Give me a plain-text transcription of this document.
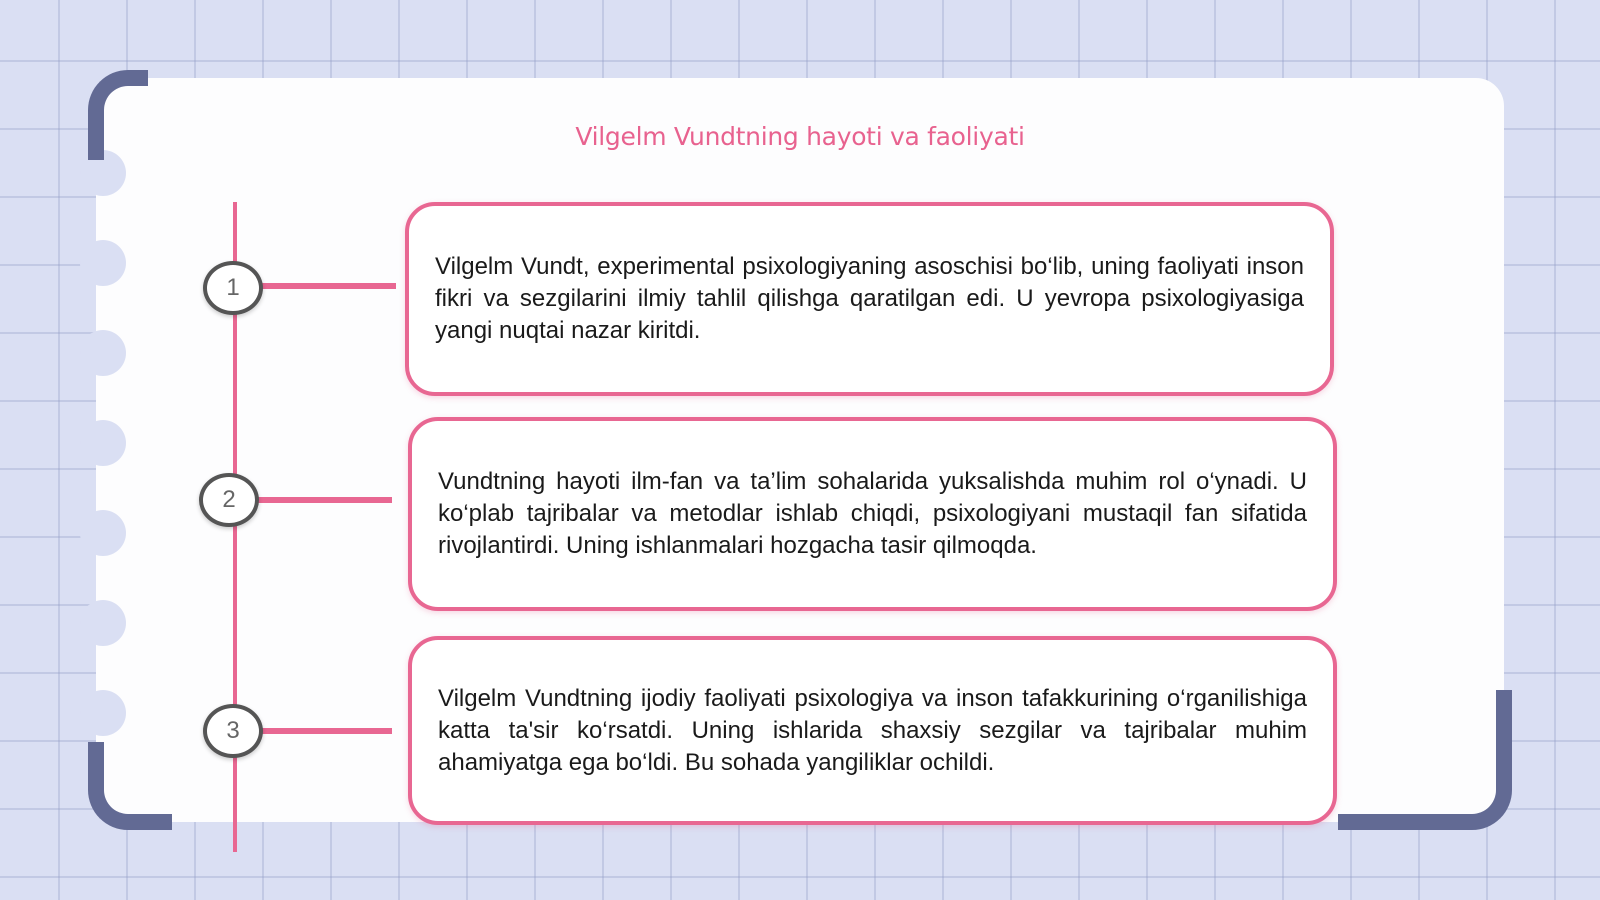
Vilgelm Vundtning hayoti va faoliyati
1

Vilgelm Vundt, experimental psixologiyaning asoschisi bo‘lib, uning faoliyati inson fikri va sezgilarini ilmiy tahlil qilishga qaratilgan edi. U yevropa psixologiyasiga yangi nuqtai nazar kiritdi.

2

Vundtning hayoti ilm-fan va ta’lim sohalarida yuksalishda muhim rol o‘ynadi. U ko‘plab tajribalar va metodlar ishlab chiqdi, psixologiyani mustaqil fan sifatida rivojlantirdi. Uning ishlanmalari hozgacha tasir qilmoqda.

3

Vilgelm Vundtning ijodiy faoliyati psixologiya va inson tafakkurining o‘rganilishiga katta ta'sir ko‘rsatdi. Uning ishlarida shaxsiy sezgilar va tajribalar muhim ahamiyatga ega bo‘ldi. Bu sohada yangiliklar ochildi.
